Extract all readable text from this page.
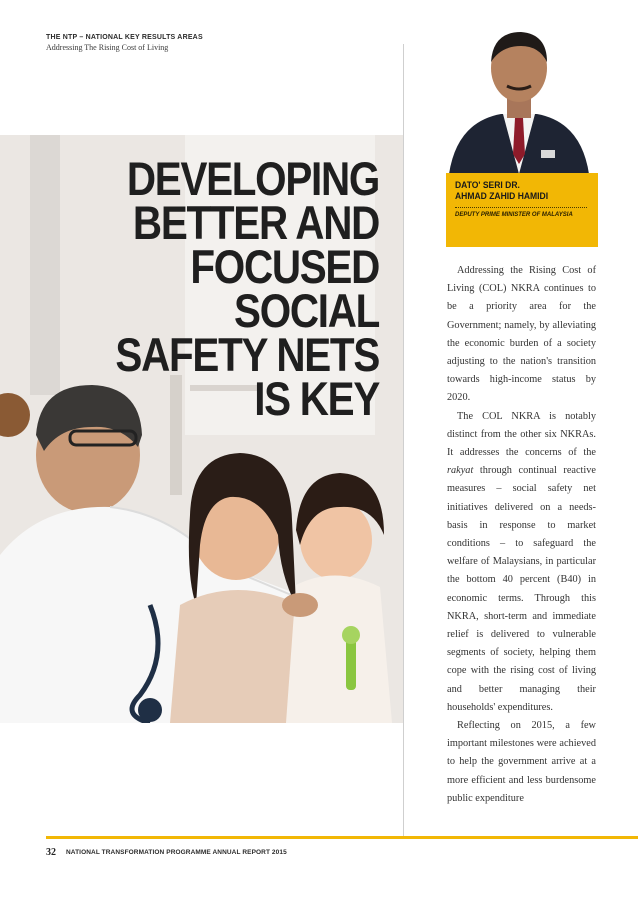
THE NTP – NATIONAL KEY RESULTS AREAS
Addressing The Rising Cost of Living
DEVELOPING
BETTER AND
FOCUSED SOCIAL
SAFETY NETS
IS KEY
DATO' SERI DR.
AHMAD ZAHID HAMIDI
DEPUTY PRIME MINISTER OF MALAYSIA

Addressing the Rising Cost of Living (COL) NKRA continues to be a priority area for the Government; namely, by alleviating the economic burden of a society adjusting to the nation's transition towards high-income status by 2020.

The COL NKRA is notably distinct from the other six NKRAs. It addresses the concerns of the rakyat through continual reactive measures – social safety net initiatives delivered on a needs-basis in response to market conditions – to safeguard the welfare of Malaysians, in particular the bottom 40 percent (B40) in economic terms. Through this NKRA, short-term and immediate relief is delivered to vulnerable segments of society, helping them cope with the rising cost of living and better managing their households' expenditures.

Reflecting on 2015, a few important milestones were achieved to help the government arrive at a more efficient and less burdensome public expenditure

32 NATIONAL TRANSFORMATION PROGRAMME ANNUAL REPORT 2015
